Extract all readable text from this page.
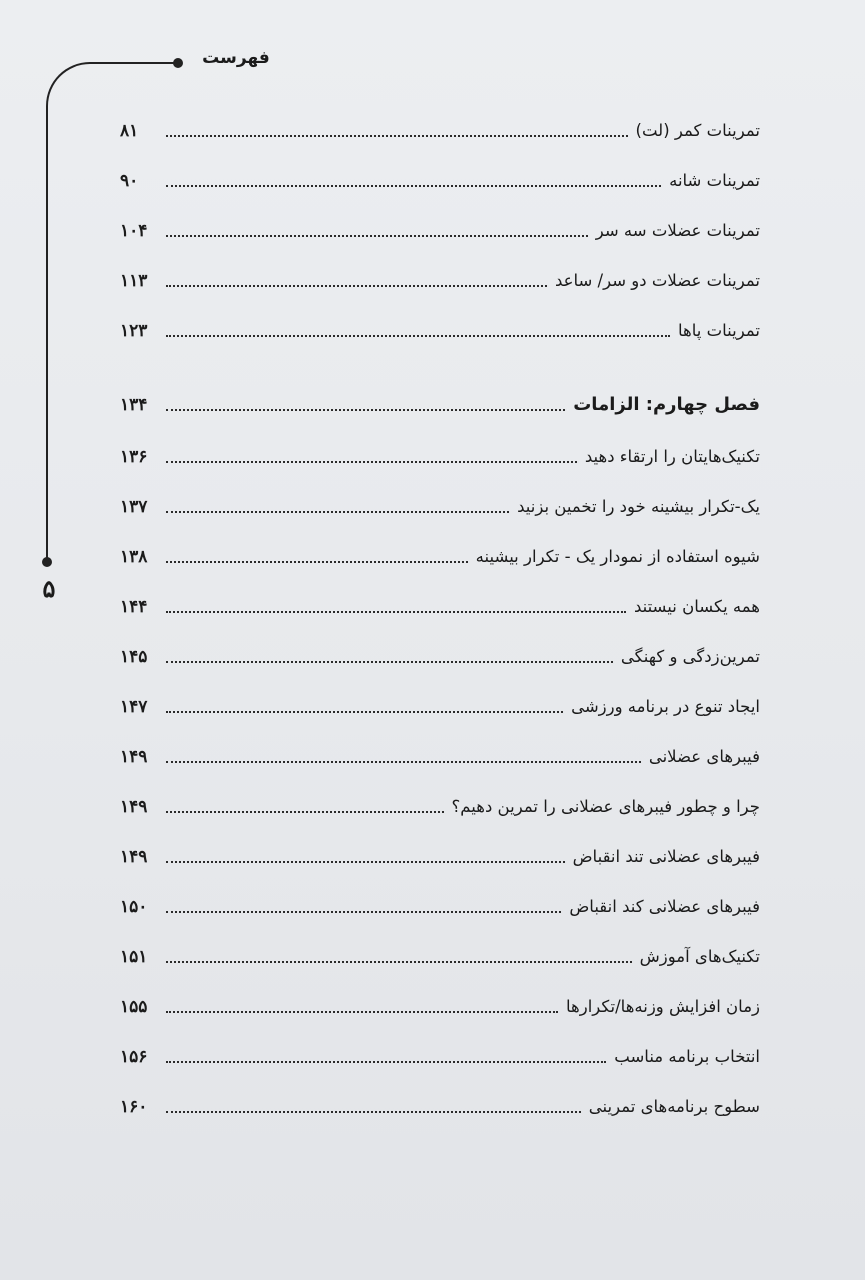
فهرست
۵
تمرینات کمر (لت)
۸۱
تمرینات شانه
۹۰
تمرینات عضلات سه سر
۱۰۴
تمرینات عضلات دو سر/ ساعد
۱۱۳
تمرینات پاها
۱۲۳
فصل چهارم: الزامات
۱۳۴
تکنیک‌هایتان را ارتقاء دهید
۱۳۶
یک-تکرار بیشینه خود را تخمین بزنید
۱۳۷
شیوه استفاده از نمودار یک - تکرار بیشینه
۱۳۸
همه یکسان نیستند
۱۴۴
تمرین‌زدگی و کهنگی
۱۴۵
ایجاد تنوع در برنامه ورزشی
۱۴۷
فیبرهای عضلانی
۱۴۹
چرا و چطور فیبرهای عضلانی را تمرین دهیم؟
۱۴۹
فیبرهای عضلانی تند انقباض
۱۴۹
فیبرهای عضلانی کند انقباض
۱۵۰
تکنیک‌های آموزش
۱۵۱
زمان افزایش وزنه‌ها/تکرارها
۱۵۵
انتخاب برنامه مناسب
۱۵۶
سطوح برنامه‌های تمرینی
۱۶۰
